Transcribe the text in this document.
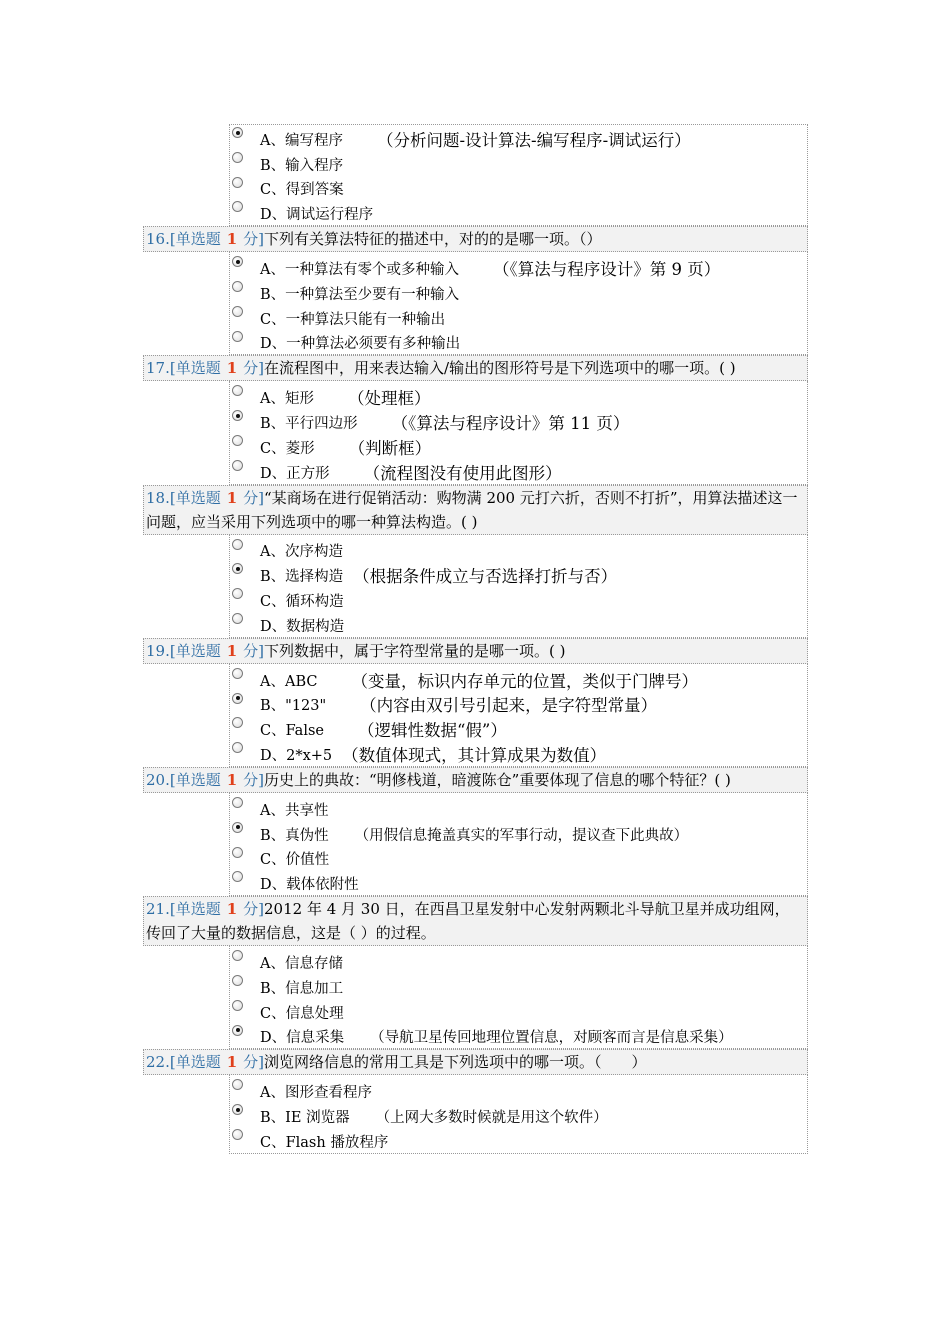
A、编写程序 （分析问题-设计算法-编写程序-调试运行）
B、输入程序
C、得到答案
D、调试运行程序
16.[单选题 1 分]下列有关算法特征的描述中，对的的是哪一项。（）
A、一种算法有零个或多种输入 （《算法与程序设计》第 9 页）
B、一种算法至少要有一种输入
C、一种算法只能有一种输出
D、一种算法必须要有多种输出
17.[单选题 1 分]在流程图中，用来表达输入/输出的图形符号是下列选项中的哪一项。( )
A、矩形 （处理框）
B、平行四边形 （《算法与程序设计》第 11 页）
C、菱形 （判断框）
D、正方形 （流程图没有使用此图形）
18.[单选题 1 分]“某商场在进行促销活动：购物满 200 元打六折，否则不打折”，用算法描述这一问题，应当采用下列选项中的哪一种算法构造。( )
A、次序构造
B、选择构造 （根据条件成立与否选择打折与否）
C、循环构造
D、数据构造
19.[单选题 1 分]下列数据中，属于字符型常量的是哪一项。( )
A、ABC （变量，标识内存单元的位置，类似于门牌号）
B、"123" （内容由双引号引起来，是字符型常量）
C、False （逻辑性数据“假”）
D、2*x+5 （数值体现式，其计算成果为数值）
20.[单选题 1 分]历史上的典故：“明修栈道，暗渡陈仓”重要体现了信息的哪个特征？( )
A、共享性
B、真伪性 （用假信息掩盖真实的军事行动，提议查下此典故）
C、价值性
D、载体依附性
21.[单选题 1 分]2012 年 4 月 30 日，在西昌卫星发射中心发射两颗北斗导航卫星并成功组网，传回了大量的数据信息，这是（ ）的过程。
A、信息存储
B、信息加工
C、信息处理
D、信息采集 （导航卫星传回地理位置信息，对顾客而言是信息采集）
22.[单选题 1 分]浏览网络信息的常用工具是下列选项中的哪一项。（　　）
A、图形查看程序
B、IE 浏览器 （上网大多数时候就是用这个软件）
C、Flash 播放程序
